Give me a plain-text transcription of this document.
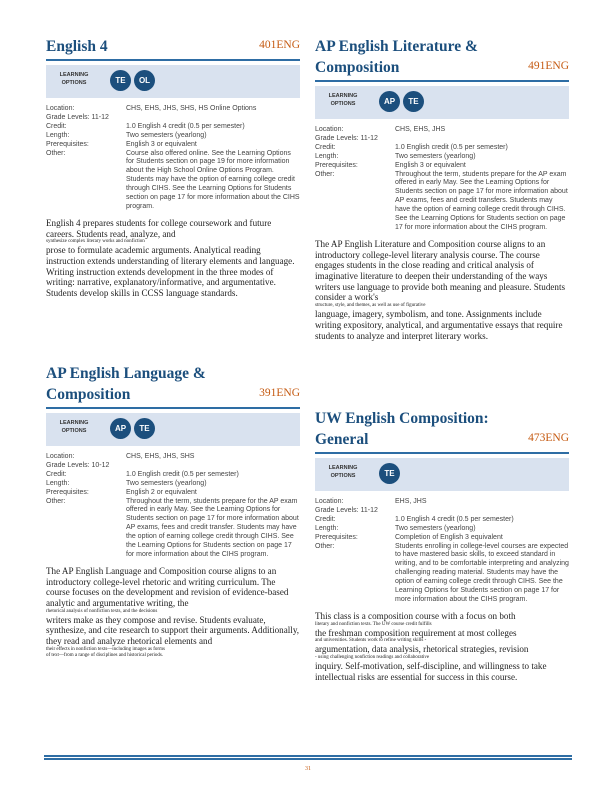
English 4	401ENG
LEARNING OPTIONS	TE	OL
Location:	CHS, EHS, JHS, SHS, HS Online Options
Grade Levels: 11-12
Credit:	1.0 English 4 credit (0.5 per semester)
Length:	Two semesters (yearlong)
Prerequisites:	English 3 or equivalent
Other:	Course also offered online. See the Learning Options for Students section on page 19 for more information about the High School Online Options Program. Students may have the option of earning college credit through CIHS. See the Learning Options for Students section on page 17 for more information about the CIHS program.
English 4 prepares students for college coursework and future careers. Students read, analyze, and
synthesize complex literary works and nonfiction
prose to formulate academic arguments. Analytical reading instruction extends understanding of literary elements and language. Writing instruction extends development in the three modes of writing: narrative, explanatory/informative, and argumentative. Students develop skills in CCSS language standards.
AP English Language & Composition	391ENG
LEARNING OPTIONS	AP	TE
Location:	CHS, EHS, JHS, SHS
Grade Levels: 10-12
Credit:	1.0 English credit (0.5 per semester)
Length:	Two semesters (yearlong)
Prerequisites:	English 2 or equivalent
Other:	Throughout the term, students prepare for the AP exam offered in early May. See the Learning Options for Students section on page 17 for more information about AP exams, fees and credit transfer. Students may have the option of earning college credit through CIHS. See the Learning Options for Students section on page 17 for more information about the CIHS program.
The AP English Language and Composition course aligns to an introductory college-level rhetoric and writing curriculum. The course focuses on the development and revision of evidence-based analytic and argumentative writing, the
rhetorical analysis of nonfiction texts, and the decisions
writers make as they compose and revise. Students evaluate, synthesize, and cite research to support their arguments. Additionally, they read and analyze rhetorical elements and
their effects in nonfiction texts—including images as forms
of text—from a range of disciplines and historical periods.
AP English Literature & Composition	491ENG
LEARNING OPTIONS	AP	TE
Location:	CHS, EHS, JHS
Grade Levels: 11-12
Credit:	1.0 English credit (0.5 per semester)
Length:	Two semesters (yearlong)
Prerequisites:	English 3 or equivalent
Other:	Throughout the term, students prepare for the AP exam offered in early May. See the Learning Options for Students section on page 17 for more information about AP exams, fees and credit transfers. Students may have the option of earning college credit through CIHS. See the Learning Options for Students section on page 17 for more information about the CIHS program.
The AP English Literature and Composition course aligns to an introductory college-level literary analysis course. The course engages students in the close reading and critical analysis of imaginative literature to deepen their understanding of the ways writers use language to provide both meaning and pleasure. Students consider a work's
structure, style, and themes, as well as use of figurative
language, imagery, symbolism, and tone. Assignments include writing expository, analytical, and argumentative essays that require students to analyze and interpret literary works.
UW English Composition: General	473ENG
LEARNING OPTIONS	TE
Location:	EHS, JHS
Grade Levels: 11-12
Credit:	1.0 English 4 credit (0.5 per semester)
Length:	Two semesters (yearlong)
Prerequisites:	Completion of English 3 equivalent
Other:	Students enrolling in college-level courses are expected to have mastered basic skills, to exceed standard in writing, and to be comfortable interpreting and analyzing challenging reading material. Students may have the option of earning college credit through CIHS. See the Learning Options for Students section on page 17 for more information about the CIHS program.
This class is a composition course with a focus on both
literary and nonfiction texts. The UW course credit fulfills
the freshman composition requirement at most colleges
and universities. Students work to refine writing skills -
argumentation, data analysis, rhetorical strategies, revision
- using challenging nonfiction readings and collaborative
inquiry. Self-motivation, self-discipline, and willingness to take intellectual risks are essential for success in this course.
31
